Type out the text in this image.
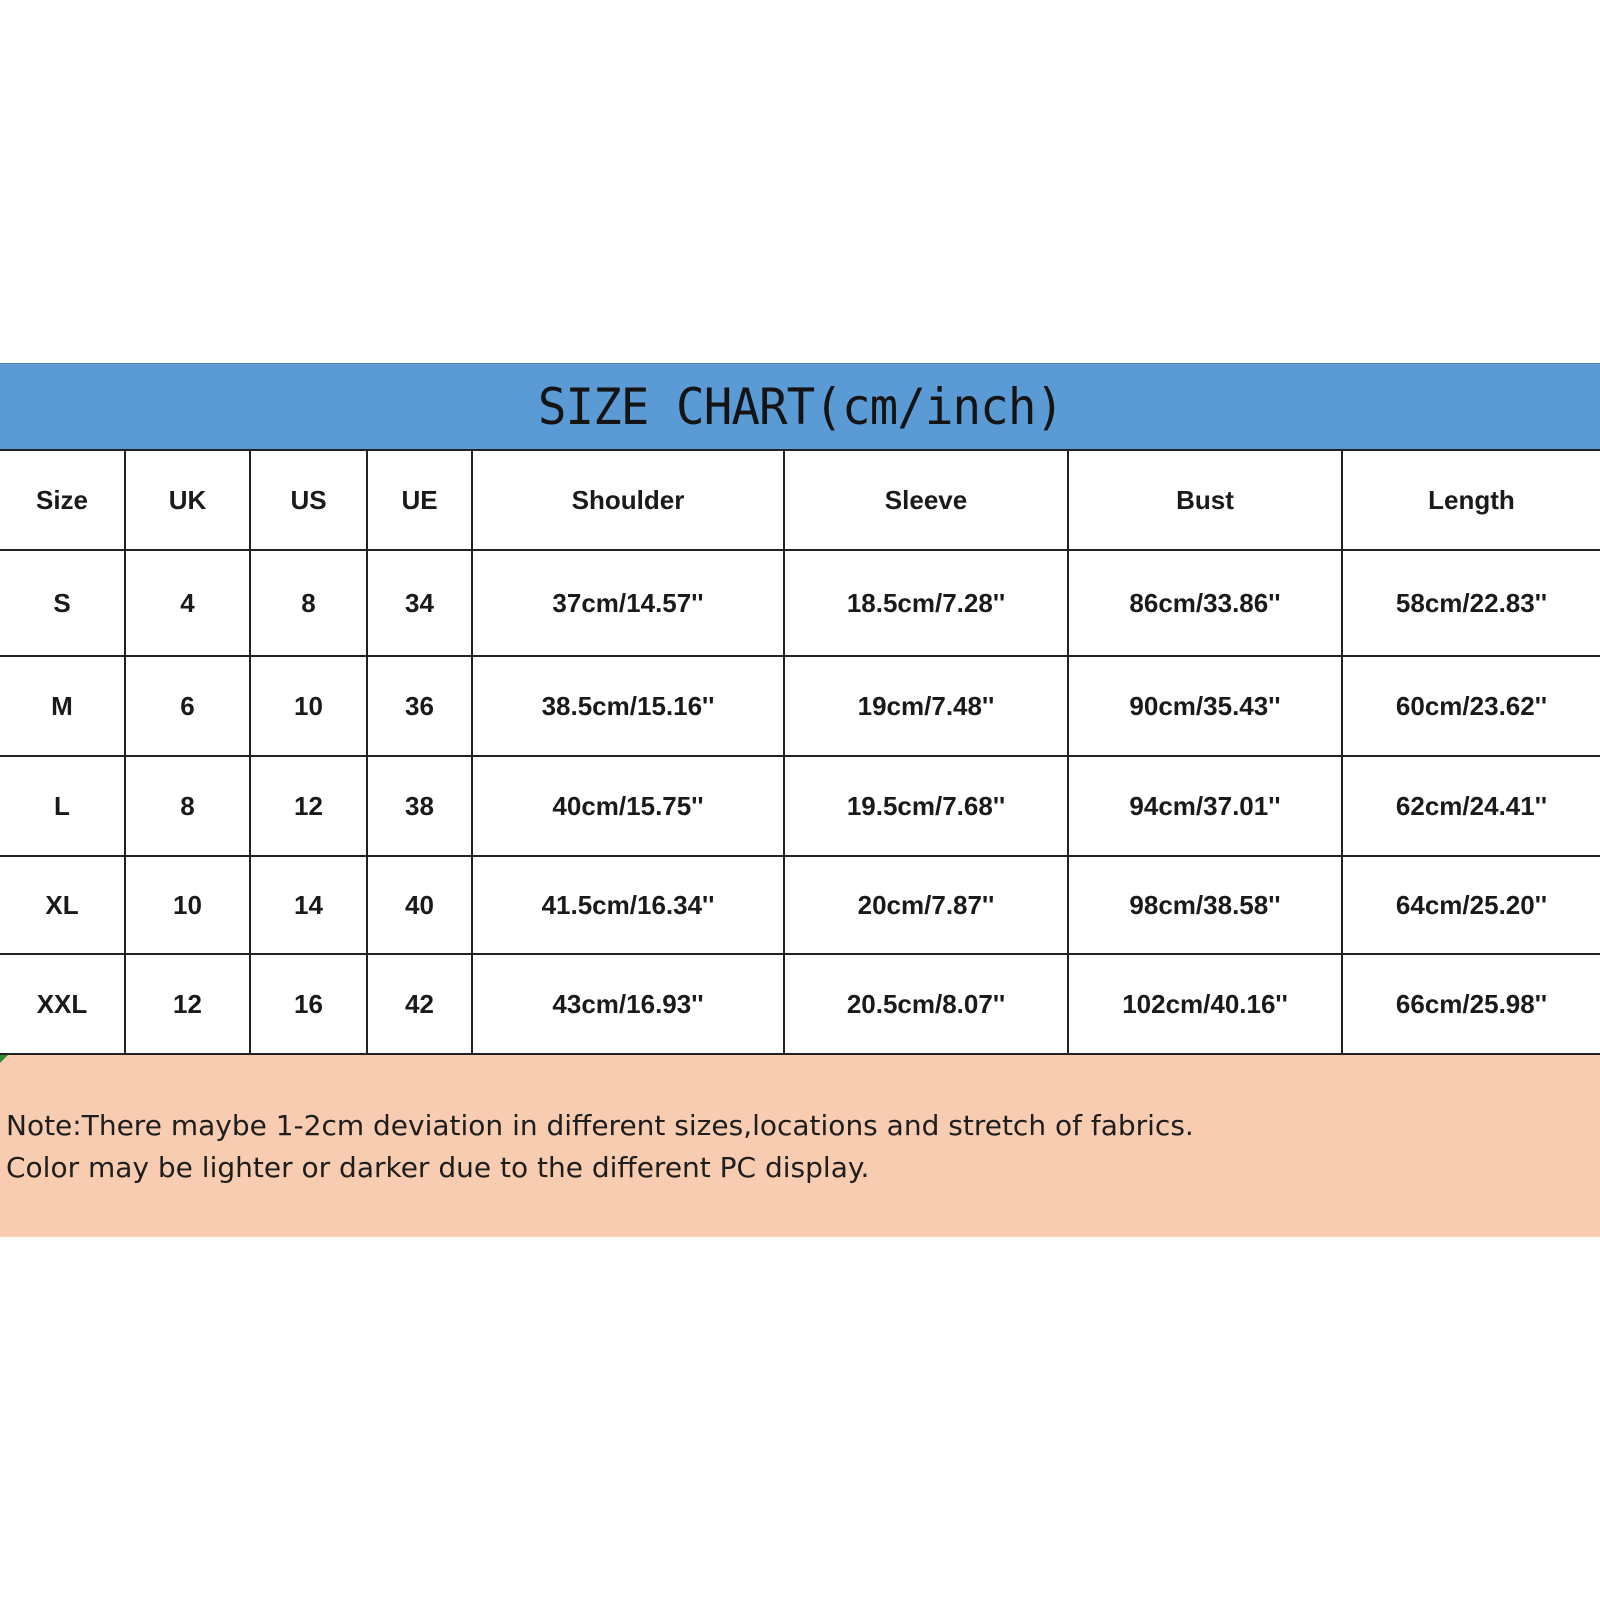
SIZE CHART(cm/inch)
Size	UK	US	UE	Shoulder	Sleeve	Bust	Length
S	4	8	34	37cm/14.57''	18.5cm/7.28''	86cm/33.86''	58cm/22.83''
M	6	10	36	38.5cm/15.16''	19cm/7.48''	90cm/35.43''	60cm/23.62''
L	8	12	38	40cm/15.75''	19.5cm/7.68''	94cm/37.01''	62cm/24.41''
XL	10	14	40	41.5cm/16.34''	20cm/7.87''	98cm/38.58''	64cm/25.20''
XXL	12	16	42	43cm/16.93''	20.5cm/8.07''	102cm/40.16''	66cm/25.98''
Note:There maybe 1-2cm deviation in different sizes,locations and stretch of fabrics.
Color may be lighter or darker due to the different PC display.
